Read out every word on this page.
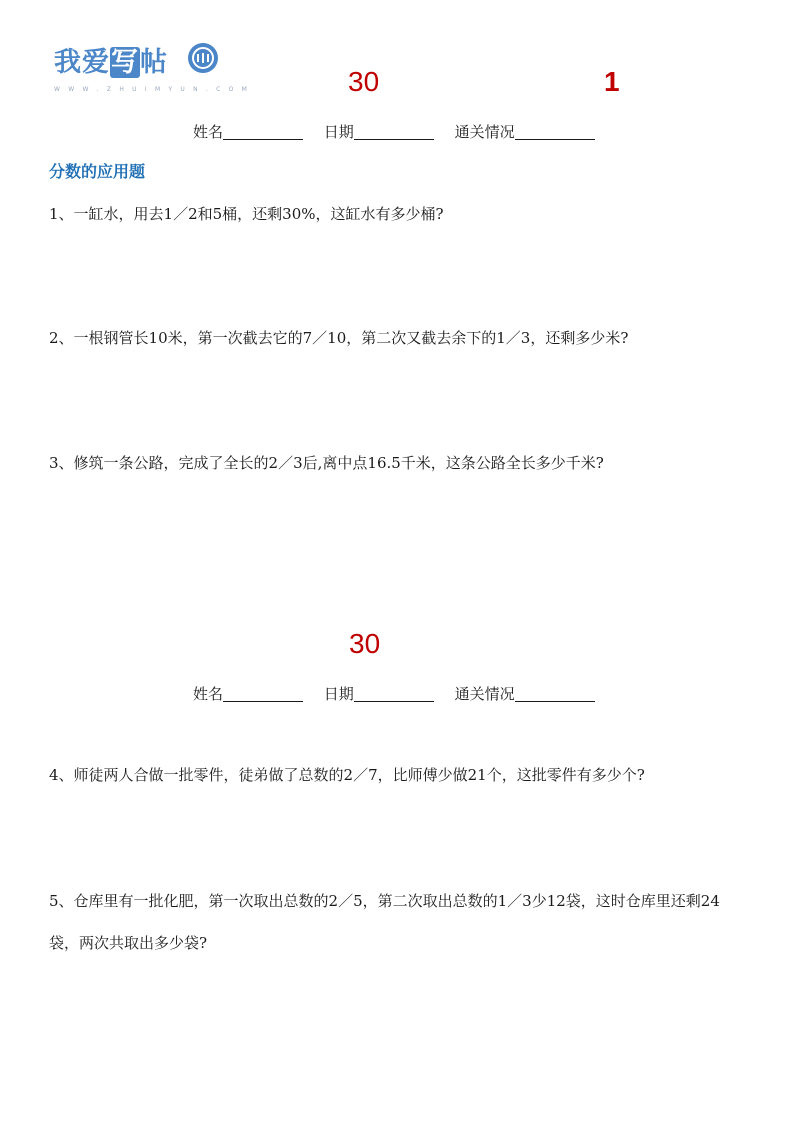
我爱写帖
W W W . Z H U I M Y U N . C O M	30	1
姓名	日期	通关情况
分数的应用题
1、一缸水，用去1／2和5桶，还剩30%，这缸水有多少桶?
2、一根钢管长10米，第一次截去它的7／10，第二次又截去余下的1／3，还剩多少米?
3、修筑一条公路，完成了全长的2／3后,离中点16.5千米，这条公路全长多少千米?
30
姓名	日期	通关情况
4、师徒两人合做一批零件，徒弟做了总数的2／7，比师傅少做21个，这批零件有多少个?
5、仓库里有一批化肥，第一次取出总数的2／5，第二次取出总数的1／3少12袋，这时仓库里还剩24袋，两次共取出多少袋?
